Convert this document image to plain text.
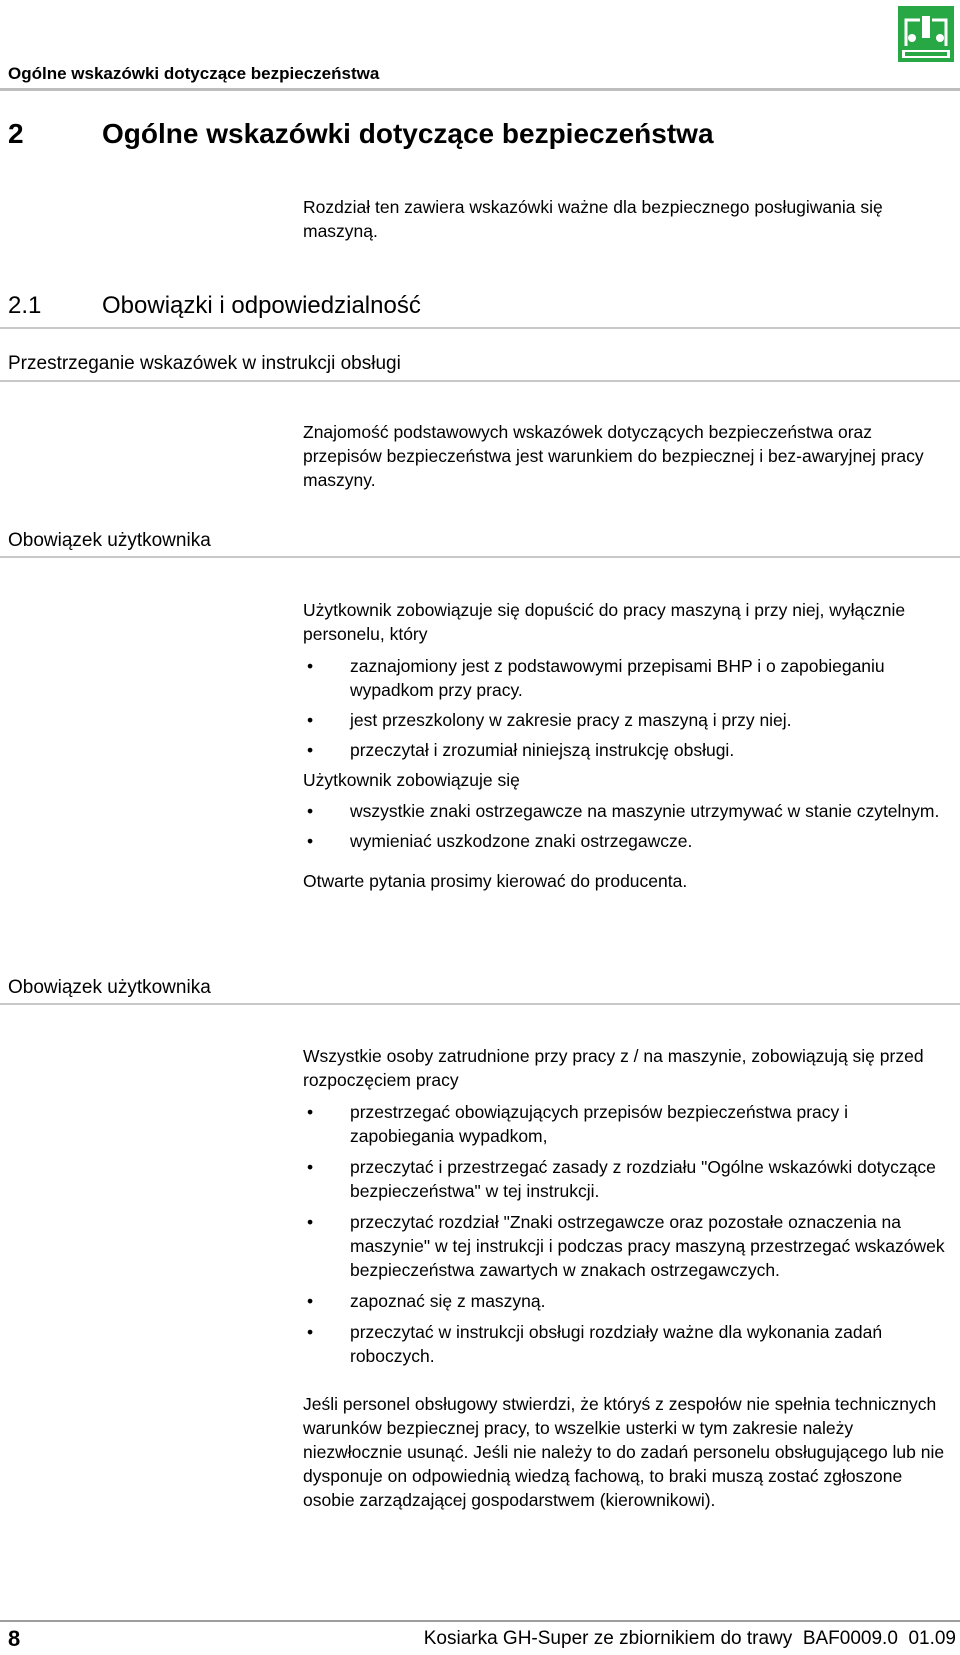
Ogólne wskazówki dotyczące bezpieczeństwa
2	Ogólne wskazówki dotyczące bezpieczeństwa

Rozdział ten zawiera wskazówki ważne dla bezpiecznego posługiwania się maszyną.

2.1	Obowiązki i odpowiedzialność
Przestrzeganie wskazówek w instrukcji obsługi

Znajomość podstawowych wskazówek dotyczących bezpieczeństwa oraz przepisów bezpieczeństwa jest warunkiem do bezpiecznej i bez-awaryjnej pracy maszyny.

Obowiązek użytkownika

Użytkownik zobowiązuje się dopuścić do pracy maszyną i przy niej, wyłącznie personelu, który

• zaznajomiony jest z podstawowymi przepisami BHP i o zapobieganiu wypadkom przy pracy.
• jest przeszkolony w zakresie pracy z maszyną i przy niej.
• przeczytał i zrozumiał niniejszą instrukcję obsługi.

Użytkownik zobowiązuje się

• wszystkie znaki ostrzegawcze na maszynie utrzymywać w stanie czytelnym.
• wymieniać uszkodzone znaki ostrzegawcze.

Otwarte pytania prosimy kierować do producenta.

Obowiązek użytkownika

Wszystkie osoby zatrudnione przy pracy z / na maszynie, zobowiązują się przed rozpoczęciem pracy

• przestrzegać obowiązujących przepisów bezpieczeństwa pracy i zapobiegania wypadkom,
• przeczytać i przestrzegać zasady z rozdziału "Ogólne wskazówki dotyczące bezpieczeństwa" w tej instrukcji.
• przeczytać rozdział "Znaki ostrzegawcze oraz pozostałe oznaczenia na maszynie" w tej instrukcji i podczas pracy maszyną przestrzegać wskazówek bezpieczeństwa zawartych w znakach ostrzegawczych.
• zapoznać się z maszyną.
• przeczytać w instrukcji obsługi rozdziały ważne dla wykonania zadań roboczych.

Jeśli personel obsługowy stwierdzi, że któryś z zespołów nie spełnia technicznych warunków bezpiecznej pracy, to wszelkie usterki w tym zakresie należy niezwłocznie usunąć. Jeśli nie należy to do zadań personelu obsługującego lub nie dysponuje on odpowiednią wiedzą fachową, to braki muszą zostać zgłoszone osobie zarządzającej gospodarstwem (kierownikowi).

8	Kosiarka GH-Super ze zbiornikiem do trawy  BAF0009.0  01.09
